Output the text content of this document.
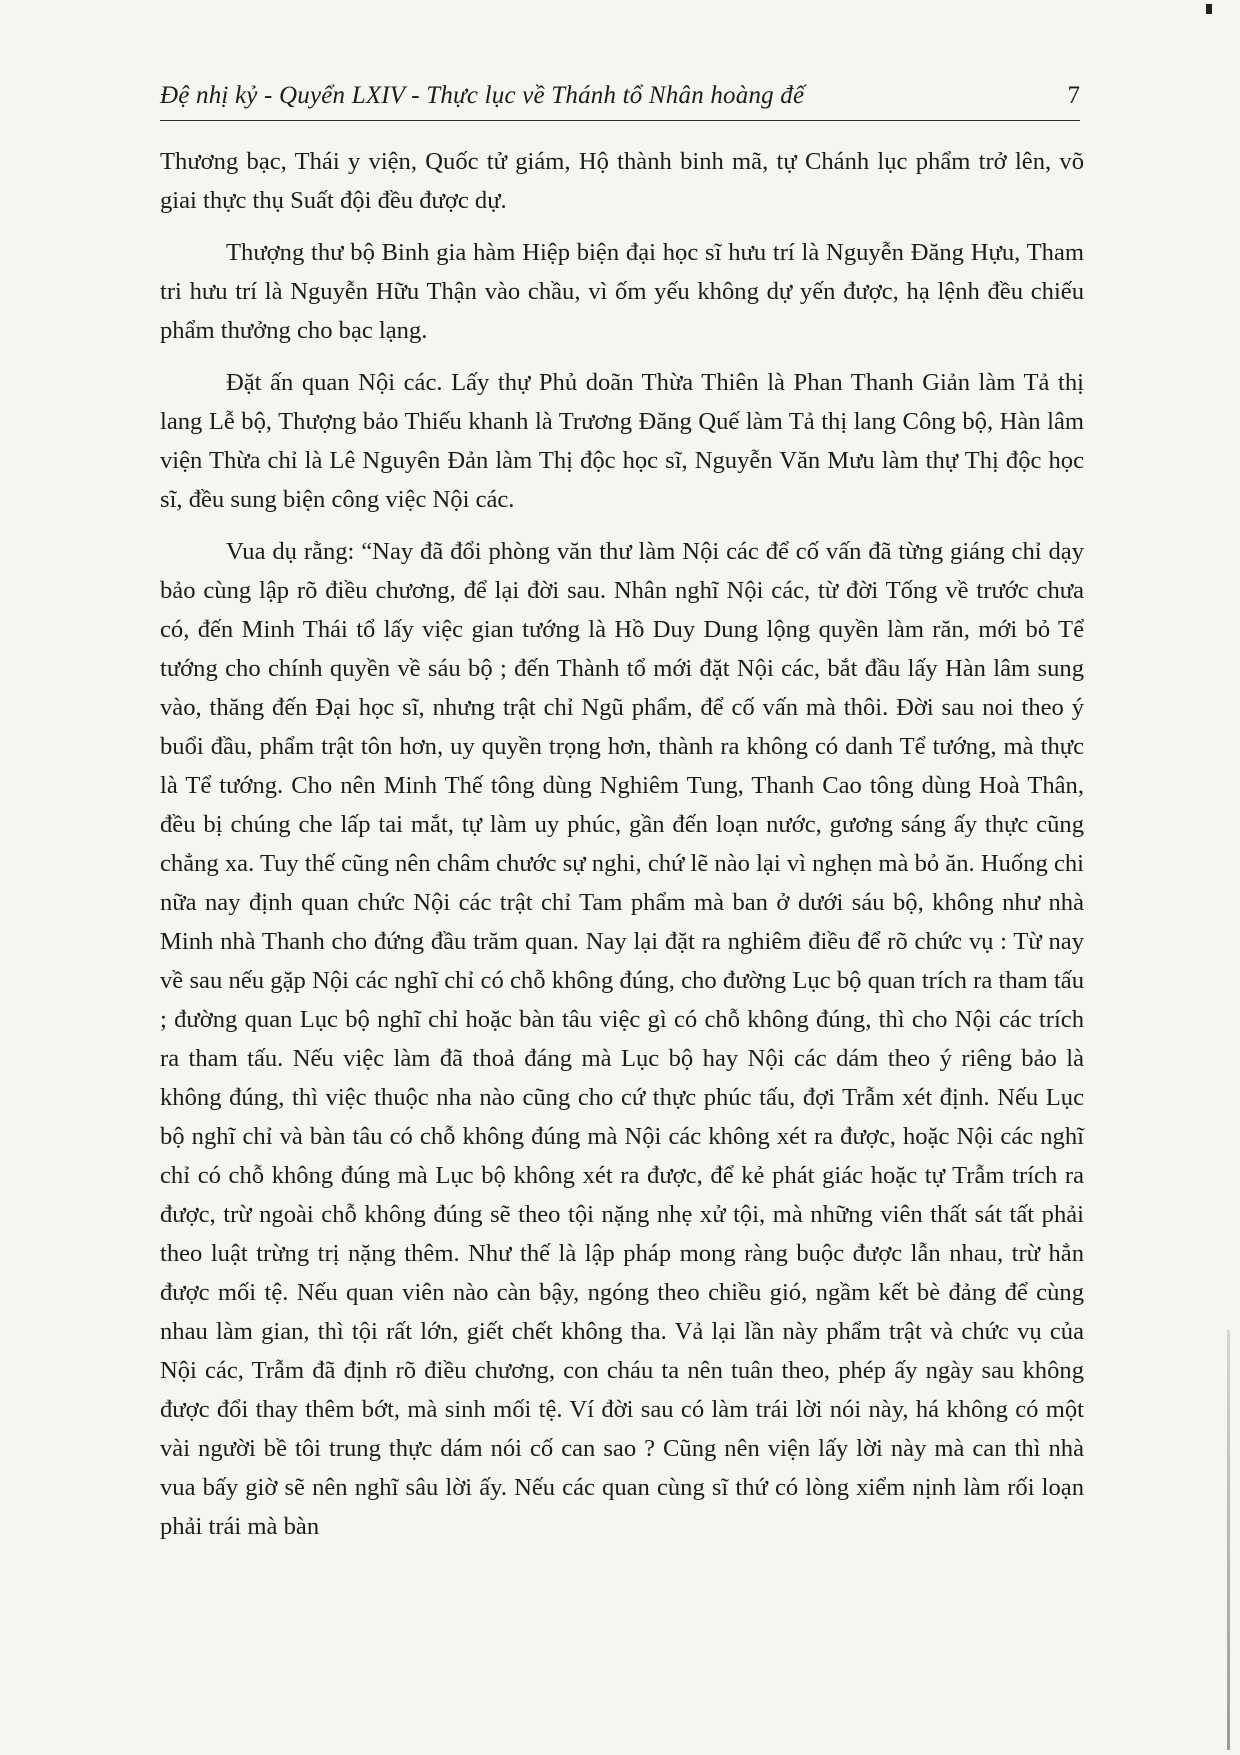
Đệ nhị kỷ - Quyển LXIV - Thực lục về Thánh tổ Nhân hoàng đế	7

Thương bạc, Thái y viện, Quốc tử giám, Hộ thành binh mã, tự Chánh lục phẩm trở lên, võ giai thực thụ Suất đội đều được dự.

Thượng thư bộ Binh gia hàm Hiệp biện đại học sĩ hưu trí là Nguyễn Đăng Hựu, Tham tri hưu trí là Nguyễn Hữu Thận vào chầu, vì ốm yếu không dự yến được, hạ lệnh đều chiếu phẩm thưởng cho bạc lạng.

Đặt ấn quan Nội các. Lấy thự Phủ doãn Thừa Thiên là Phan Thanh Giản làm Tả thị lang Lễ bộ, Thượng bảo Thiếu khanh là Trương Đăng Quế làm Tả thị lang Công bộ, Hàn lâm viện Thừa chỉ là Lê Nguyên Đản làm Thị độc học sĩ, Nguyễn Văn Mưu làm thự Thị độc học sĩ, đều sung biện công việc Nội các.

Vua dụ rằng: “Nay đã đổi phòng văn thư làm Nội các để cố vấn đã từng giáng chỉ dạy bảo cùng lập rõ điều chương, để lại đời sau. Nhân nghĩ Nội các, từ đời Tống về trước chưa có, đến Minh Thái tổ lấy việc gian tướng là Hồ Duy Dung lộng quyền làm răn, mới bỏ Tể tướng cho chính quyền về sáu bộ ; đến Thành tổ mới đặt Nội các, bắt đầu lấy Hàn lâm sung vào, thăng đến Đại học sĩ, nhưng trật chỉ Ngũ phẩm, để cố vấn mà thôi. Đời sau noi theo ý buổi đầu, phẩm trật tôn hơn, uy quyền trọng hơn, thành ra không có danh Tể tướng, mà thực là Tể tướng. Cho nên Minh Thế tông dùng Nghiêm Tung, Thanh Cao tông dùng Hoà Thân, đều bị chúng che lấp tai mắt, tự làm uy phúc, gần đến loạn nước, gương sáng ấy thực cũng chẳng xa. Tuy thế cũng nên châm chước sự nghi, chứ lẽ nào lại vì nghẹn mà bỏ ăn. Huống chi nữa nay định quan chức Nội các trật chỉ Tam phẩm mà ban ở dưới sáu bộ, không như nhà Minh nhà Thanh cho đứng đầu trăm quan. Nay lại đặt ra nghiêm điều để rõ chức vụ : Từ nay về sau nếu gặp Nội các nghĩ chỉ có chỗ không đúng, cho đường Lục bộ quan trích ra tham tấu ; đường quan Lục bộ nghĩ chỉ hoặc bàn tâu việc gì có chỗ không đúng, thì cho Nội các trích ra tham tấu. Nếu việc làm đã thoả đáng mà Lục bộ hay Nội các dám theo ý riêng bảo là không đúng, thì việc thuộc nha nào cũng cho cứ thực phúc tấu, đợi Trẫm xét định. Nếu Lục bộ nghĩ chỉ và bàn tâu có chỗ không đúng mà Nội các không xét ra được, hoặc Nội các nghĩ chỉ có chỗ không đúng mà Lục bộ không xét ra được, để kẻ phát giác hoặc tự Trẫm trích ra được, trừ ngoài chỗ không đúng sẽ theo tội nặng nhẹ xử tội, mà những viên thất sát tất phải theo luật trừng trị nặng thêm. Như thế là lập pháp mong ràng buộc được lẫn nhau, trừ hẳn được mối tệ. Nếu quan viên nào càn bậy, ngóng theo chiều gió, ngầm kết bè đảng để cùng nhau làm gian, thì tội rất lớn, giết chết không tha. Vả lại lần này phẩm trật và chức vụ của Nội các, Trẫm đã định rõ điều chương, con cháu ta nên tuân theo, phép ấy ngày sau không được đổi thay thêm bớt, mà sinh mối tệ. Ví đời sau có làm trái lời nói này, há không có một vài người bề tôi trung thực dám nói cố can sao ? Cũng nên viện lấy lời này mà can thì nhà vua bấy giờ sẽ nên nghĩ sâu lời ấy. Nếu các quan cùng sĩ thứ có lòng xiểm nịnh làm rối loạn phải trái mà bàn
